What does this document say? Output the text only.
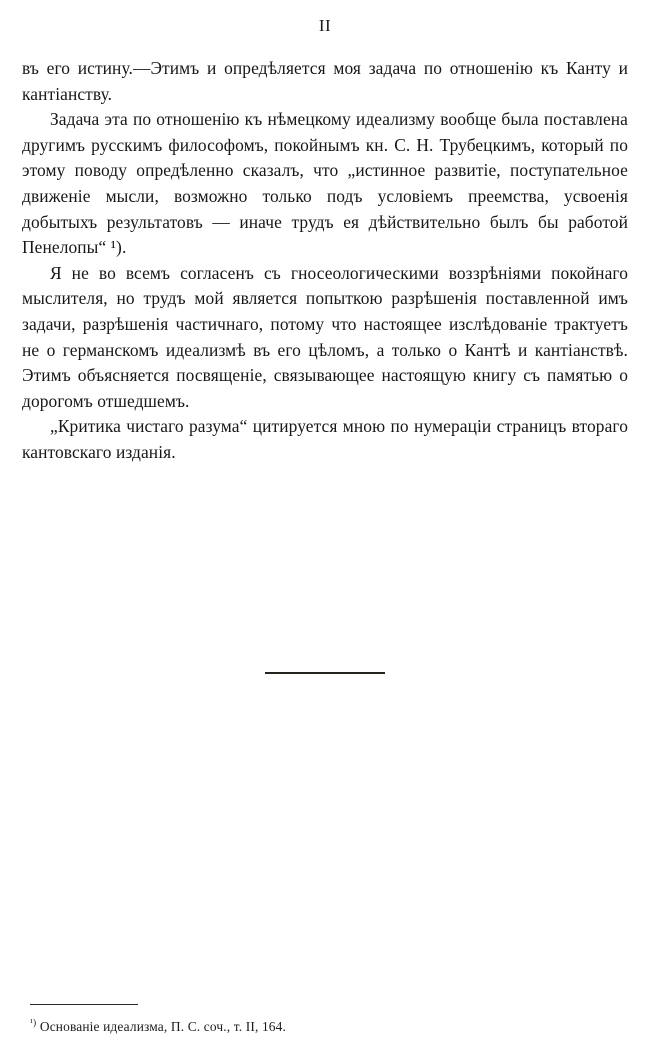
II

въ его истину.—Этимъ и опредѣляется моя задача по отношенію къ Канту и кантіанству.

Задача эта по отношенію къ нѣмецкому идеализму вообще была поставлена другимъ русскимъ философомъ, покойнымъ кн. С. Н. Трубецкимъ, который по этому поводу опредѣленно сказалъ, что „истинное развитіе, поступательное движеніе мысли, возможно только подъ условіемъ преемства, усвоенія добытыхъ результатовъ — иначе трудъ ея дѣйствительно былъ бы работой Пенелопы“ ¹).

Я не во всемъ согласенъ съ гносеологическими воззрѣніями покойнаго мыслителя, но трудъ мой является попыткою разрѣшенія поставленной имъ задачи, разрѣшенія частичнаго, потому что настоящее изслѣдованіе трактуетъ не о германскомъ идеализмѣ въ его цѣломъ, а только о Кантѣ и кантіанствѣ. Этимъ объясняется посвященіе, связывающее настоящую книгу съ памятью о дорогомъ отшедшемъ.

„Критика чистаго разума“ цитируется мною по нумераціи страницъ втораго кантовскаго изданія.

$^{^1)}$ Основаніе идеализма, П. С. соч., т. II, 164.
